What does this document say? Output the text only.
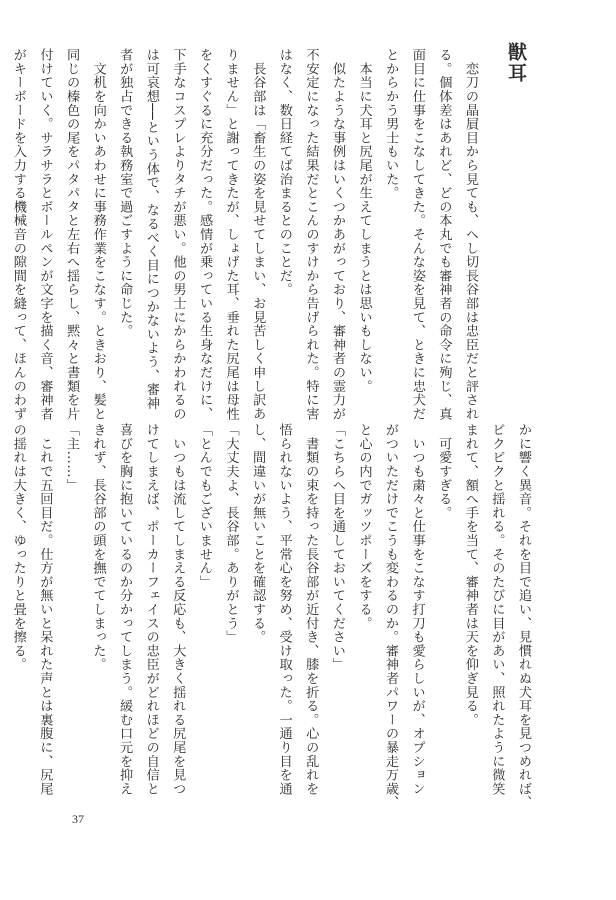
獣耳
　恋刀の晶屓目から見ても、へし切長谷部は忠臣だと評され
る。個体差はあれど、どの本丸でも審神者の命令に殉じ、真
面目に仕事をこなしてきた。そんな姿を見て、ときに忠犬だ
とからかう男士もいた。
　本当に犬耳と尻尾が生えてしまうとは思いもしない。
　似たような事例はいくつかあがっており、審神者の霊力が
不安定になった結果だとこんのすけから告げられた。特に害
はなく、数日経てば治まるとのことだ。
　長谷部は「畜生の姿を見せてしまい、お見苦しく申し訳あ
りません」と謝ってきたが、しょげた耳、垂れた尻尾は母性
をくすぐるに充分だった。感情が乗っている生身なだけに、
下手なコスプレよりタチが悪い。他の男士にからかわれるの
は可哀想──という体で、なるべく目につかないよう、審神
者が独占できる執務室で過ごすように命じた。
　文机を向かいあわせに事務作業をこなす。ときおり、髪と
同じの榛色の尾をパタパタと左右へ揺らし、黙々と書類を片
付けていく。サラサラとボールペンが文字を描く音、審神者
がキーボードを入力する機械音の隙間を縫って、ほんのわず
かに響く異音。それを目で追い、見慣れぬ犬耳を見つめれば、
ピクピクと揺れる。そのたびに目があい、照れたように微笑
まれて、額へ手を当て、審神者は天を仰ぎ見る。
　可愛すぎる。
　いつも粛々と仕事をこなす打刀も愛らしいが、オプション
がついただけでこうも変わるのか。審神者パワーの暴走万歳、
と心の内でガッツポーズをする。
「こちらへ目を通しておいてください」
　書類の束を持った長谷部が近付き、膝を折る。心の乱れを
悟られないよう、平常心を努め、受け取った。一通り目を通
し、間違いが無いことを確認する。
「大丈夫よ、長谷部。ありがとう」
「とんでもございません」
　いつもは流してしまえる反応も、大きく揺れる尻尾を見つ
けてしまえば、ポーカーフェイスの忠臣がどれほどの自信と
喜びを胸に抱いているのか分かってしまう。緩む口元を抑え
きれず、長谷部の頭を撫でてしまった。
「主……」
　これで五回目だ。仕方が無いと呆れた声とは裏腹に、尻尾
の揺れは大きく、ゆったりと畳を擦る。
37
